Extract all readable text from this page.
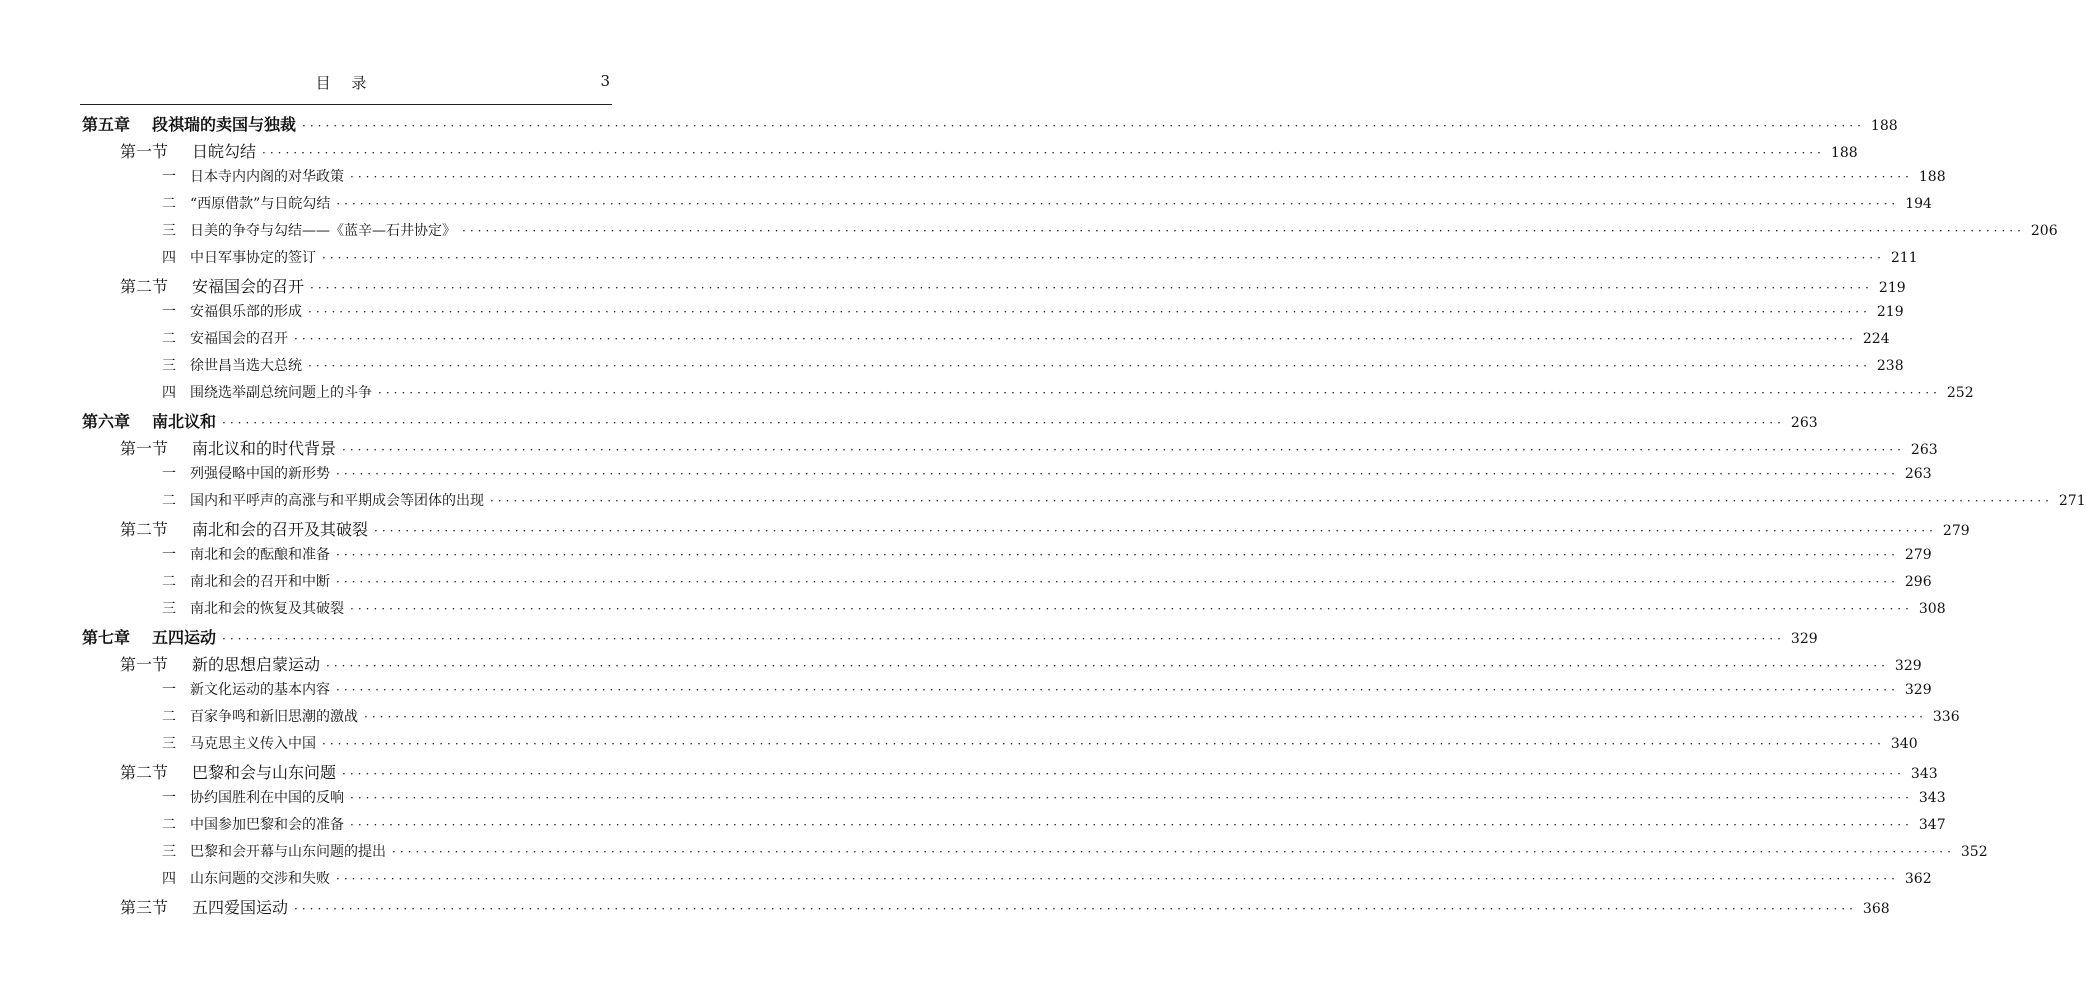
目 录	3
第五章 段祺瑞的卖国与独裁 ········································································································································································································ 188
第一节 日皖勾结 ········································································································································································································ 188
一	日本寺内内阁的对华政策 ········································································································································································································ 188
二	“西原借款”与日皖勾结 ········································································································································································································ 194
三	日美的争夺与勾结——《蓝辛—石井协定》 ········································································································································································································ 206
四	中日军事协定的签订 ········································································································································································································ 211
第二节 安福国会的召开 ········································································································································································································ 219
一	安福俱乐部的形成 ········································································································································································································ 219
二	安福国会的召开 ········································································································································································································ 224
三	徐世昌当选大总统 ········································································································································································································ 238
四	围绕选举副总统问题上的斗争 ········································································································································································································ 252
第六章 南北议和 ········································································································································································································ 263
第一节 南北议和的时代背景 ········································································································································································································ 263
一	列强侵略中国的新形势 ········································································································································································································ 263
二	国内和平呼声的高涨与和平期成会等团体的出现 ········································································································································································································ 271
第二节 南北和会的召开及其破裂 ········································································································································································································ 279
一	南北和会的酝酿和准备 ········································································································································································································ 279
二	南北和会的召开和中断 ········································································································································································································ 296
三	南北和会的恢复及其破裂 ········································································································································································································ 308
第七章 五四运动 ········································································································································································································ 329
第一节 新的思想启蒙运动 ········································································································································································································ 329
一	新文化运动的基本内容 ········································································································································································································ 329
二	百家争鸣和新旧思潮的激战 ········································································································································································································ 336
三	马克思主义传入中国 ········································································································································································································ 340
第二节 巴黎和会与山东问题 ········································································································································································································ 343
一	协约国胜利在中国的反响 ········································································································································································································ 343
二	中国参加巴黎和会的准备 ········································································································································································································ 347
三	巴黎和会开幕与山东问题的提出 ········································································································································································································ 352
四	山东问题的交涉和失败 ········································································································································································································ 362
第三节 五四爱国运动 ········································································································································································································ 368
